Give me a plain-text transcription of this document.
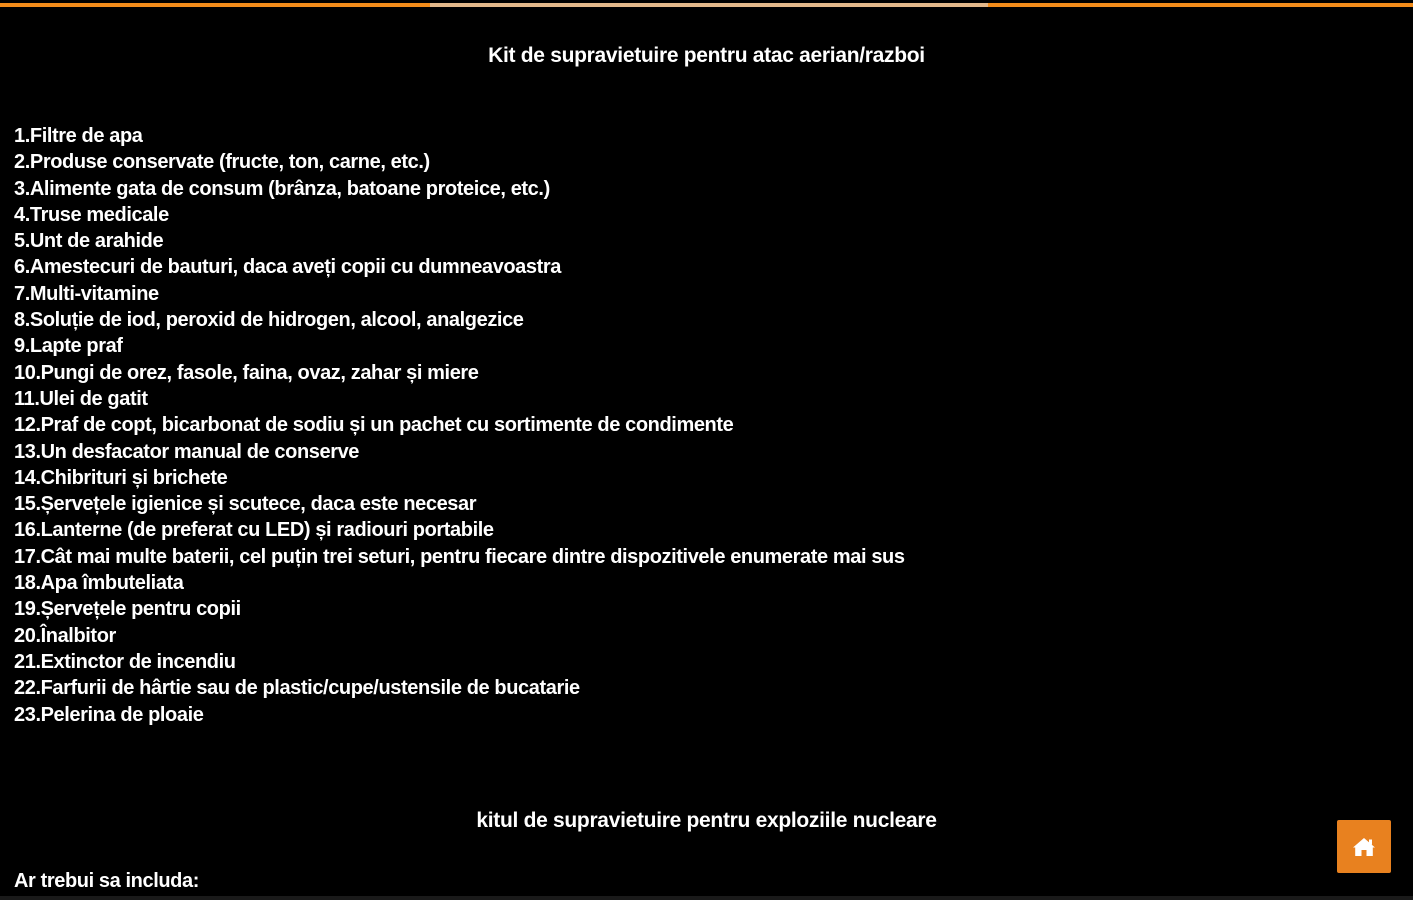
Kit de supravietuire pentru atac aerian/razboi
1.Filtre de apa
2.Produse conservate (fructe, ton, carne, etc.)
3.Alimente gata de consum (brânza, batoane proteice, etc.)
4.Truse medicale
5.Unt de arahide
6.Amestecuri de bauturi, daca aveți copii cu dumneavoastra
7.Multi-vitamine
8.Soluție de iod, peroxid de hidrogen, alcool, analgezice
9.Lapte praf
10.Pungi de orez, fasole, faina, ovaz, zahar și miere
11.Ulei de gatit
12.Praf de copt, bicarbonat de sodiu și un pachet cu sortimente de condimente
13.Un desfacator manual de conserve
14.Chibrituri și brichete
15.Șervețele igienice și scutece, daca este necesar
16.Lanterne (de preferat cu LED) și radiouri portabile
17.Cât mai multe baterii, cel puțin trei seturi, pentru fiecare dintre dispozitivele enumerate mai sus
18.Apa îmbuteliata
19.Șervețele pentru copii
20.Înalbitor
21.Extinctor de incendiu
22.Farfurii de hârtie sau de plastic/cupe/ustensile de bucatarie
23.Pelerina de ploaie
kitul de supravietuire pentru exploziile nucleare
Ar trebui sa includa:
